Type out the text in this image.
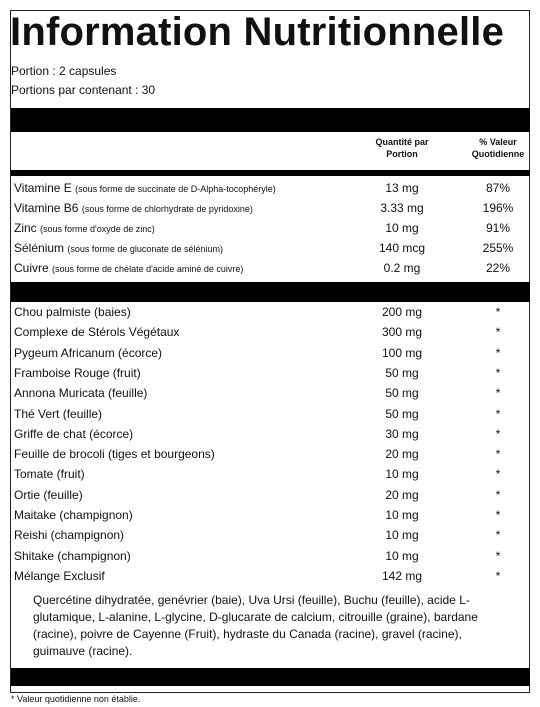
Information Nutritionnelle
Portion : 2 capsules
Portions par contenant : 30
Quantité par
Portion
% Valeur
Quotidienne
Vitamine E (sous forme de succinate de D-Alpha-tocophéryle)	13 mg	87%
Vitamine B6 (sous forme de chlorhydrate de pyridoxine)	3.33 mg	196%
Zinc (sous forme d'oxyde de zinc)	10 mg	91%
Sélénium (sous forme de gluconate de sélénium)	140 mcg	255%
Cuivre (sous forme de chélate d'acide aminé de cuivre)	0.2 mg	22%
Chou palmiste (baies)	200 mg	*
Complexe de Stérols Végétaux	300 mg	*
Pygeum Africanum (écorce)	100 mg	*
Framboise Rouge (fruit)	50 mg	*
Annona Muricata (feuille)	50 mg	*
Thé Vert (feuille)	50 mg	*
Griffe de chat (écorce)	30 mg	*
Feuille de brocoli (tiges et bourgeons)	20 mg	*
Tomate (fruit)	10 mg	*
Ortie (feuille)	20 mg	*
Maitake (champignon)	10 mg	*
Reishi (champignon)	10 mg	*
Shitake (champignon)	10 mg	*
Mélange Exclusif	142 mg	*
Quercétine dihydratée, genévrier (baie), Uva Ursi (feuille), Buchu (feuille), acide L-glutamique, L-alanine, L-glycine, D-glucarate de calcium, citrouille (graine), bardane (racine), poivre de Cayenne (Fruit), hydraste du Canada (racine), gravel (racine), guimauve (racine).
* Valeur quotidienne non établie.
